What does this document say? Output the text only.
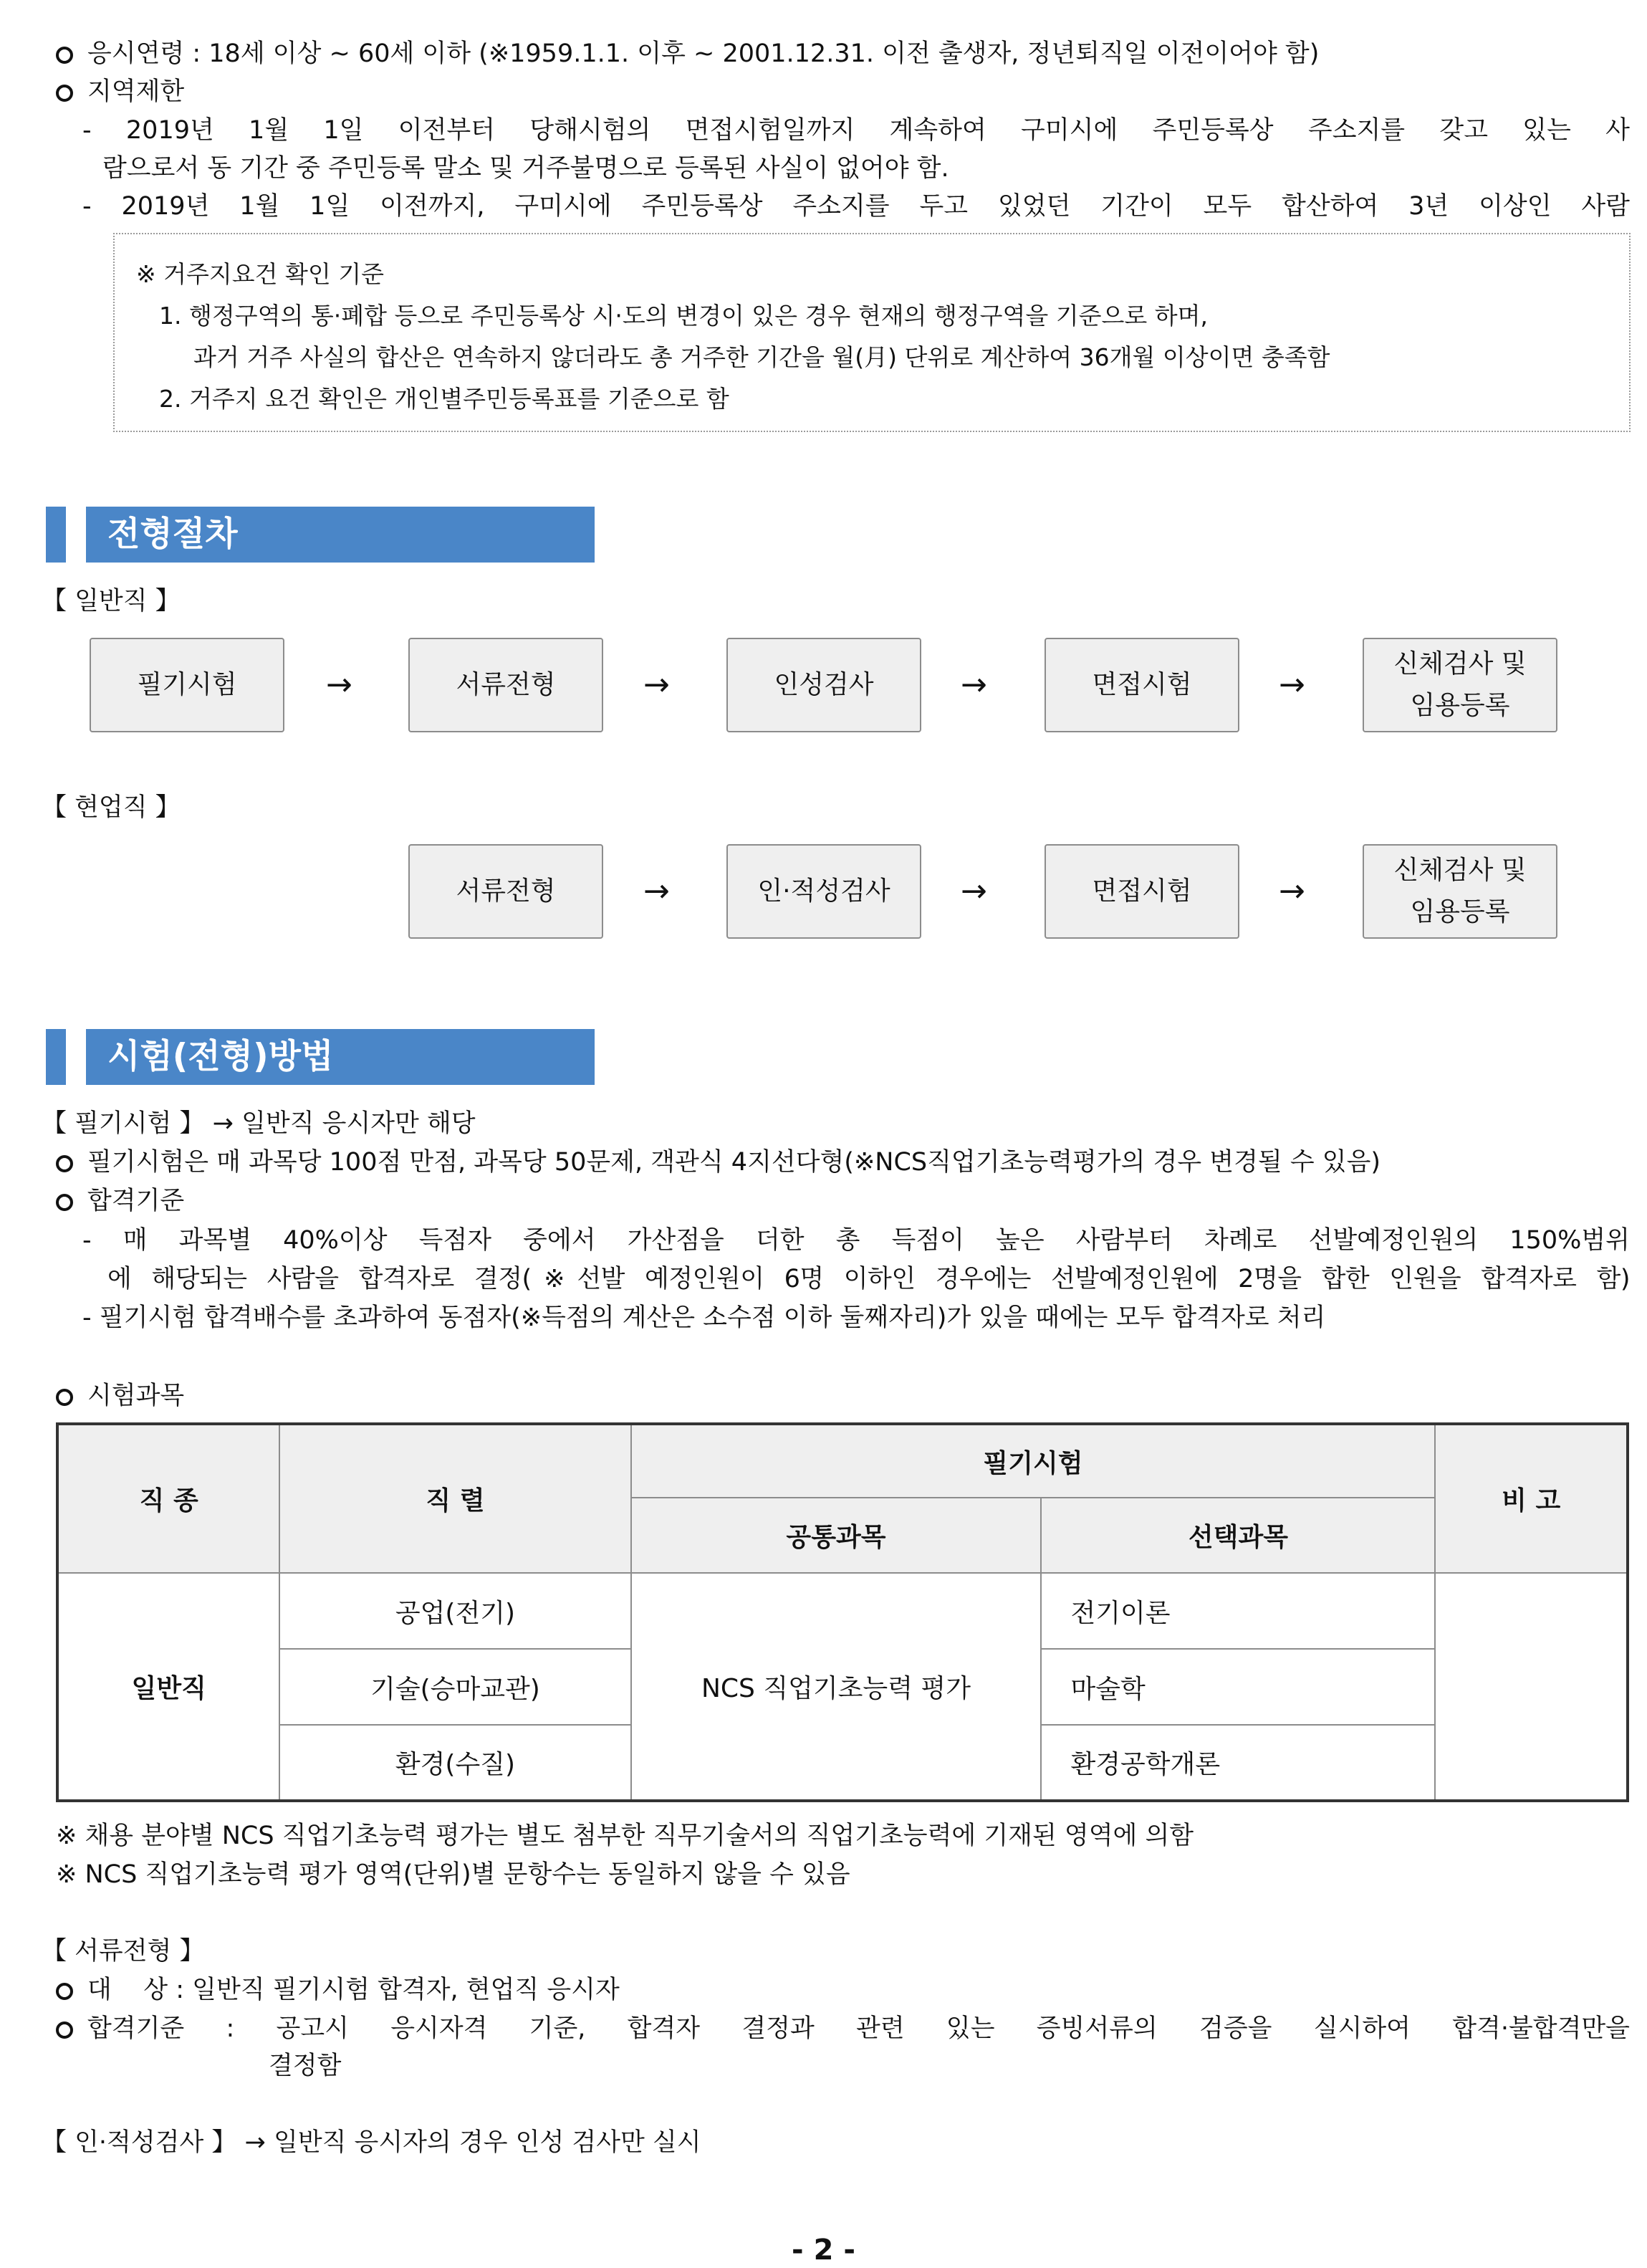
응시연령 : 18세 이상 ~ 60세 이하 (※1959.1.1. 이후 ~ 2001.12.31. 이전 출생자, 정년퇴직일 이전이어야 함)
지역제한
- 2019년 1월 1일 이전부터 당해시험의 면접시험일까지 계속하여 구미시에 주민등록상 주소지를 갖고 있는 사
람으로서 동 기간 중 주민등록 말소 및 거주불명으로 등록된 사실이 없어야 함.
- 2019년 1월 1일 이전까지, 구미시에 주민등록상 주소지를 두고 있었던 기간이 모두 합산하여 3년 이상인 사람
※ 거주지요건 확인 기준
1. 행정구역의 통·폐합 등으로 주민등록상 시·도의 변경이 있은 경우 현재의 행정구역을 기준으로 하며,
과거 거주 사실의 합산은 연속하지 않더라도 총 거주한 기간을 월(月) 단위로 계산하여 36개월 이상이면 충족함
2. 거주지 요건 확인은 개인별주민등록표를 기준으로 함
전형절차
【 일반직 】
필기시험	→	서류전형	→	인성검사	→	면접시험	→
신체검사 및
임용등록
【 현업직 】
서류전형	→	인·적성검사	→	면접시험	→
신체검사 및
임용등록
시험(전형)방법
【 필기시험 】 → 일반직 응시자만 해당
필기시험은 매 과목당 100점 만점, 과목당 50문제, 객관식 4지선다형(※NCS직업기초능력평가의 경우 변경될 수 있음)
합격기준
- 매 과목별 40%이상 득점자 중에서 가산점을 더한 총 득점이 높은 사람부터 차례로 선발예정인원의 150%범위
에 해당되는 사람을 합격자로 결정(※선발 예정인원이 6명 이하인 경우에는 선발예정인원에 2명을 합한 인원을 합격자로 함)
- 필기시험 합격배수를 초과하여 동점자(※득점의 계산은 소수점 이하 둘째자리)가 있을 때에는 모두 합격자로 처리
시험과목
직 종	직 렬	필기시험		비 고
		공통과목	선택과목	
일반직	공업(전기)	NCS 직업기초능력 평가	전기이론	
	기술(승마교관)		마술학	
	환경(수질)		환경공학개론	
※ 채용 분야별 NCS 직업기초능력 평가는 별도 첨부한 직무기술서의 직업기초능력에 기재된 영역에 의함
※ NCS 직업기초능력 평가 영역(단위)별 문항수는 동일하지 않을 수 있음
【 서류전형 】
대    상 : 일반직 필기시험 합격자, 현업직 응시자
합격기준 : 공고시 응시자격 기준, 합격자 결정과 관련 있는 증빙서류의 검증을 실시하여 합격·불합격만을
결정함
【 인·적성검사 】 → 일반직 응시자의 경우 인성 검사만 실시
- 2 -
